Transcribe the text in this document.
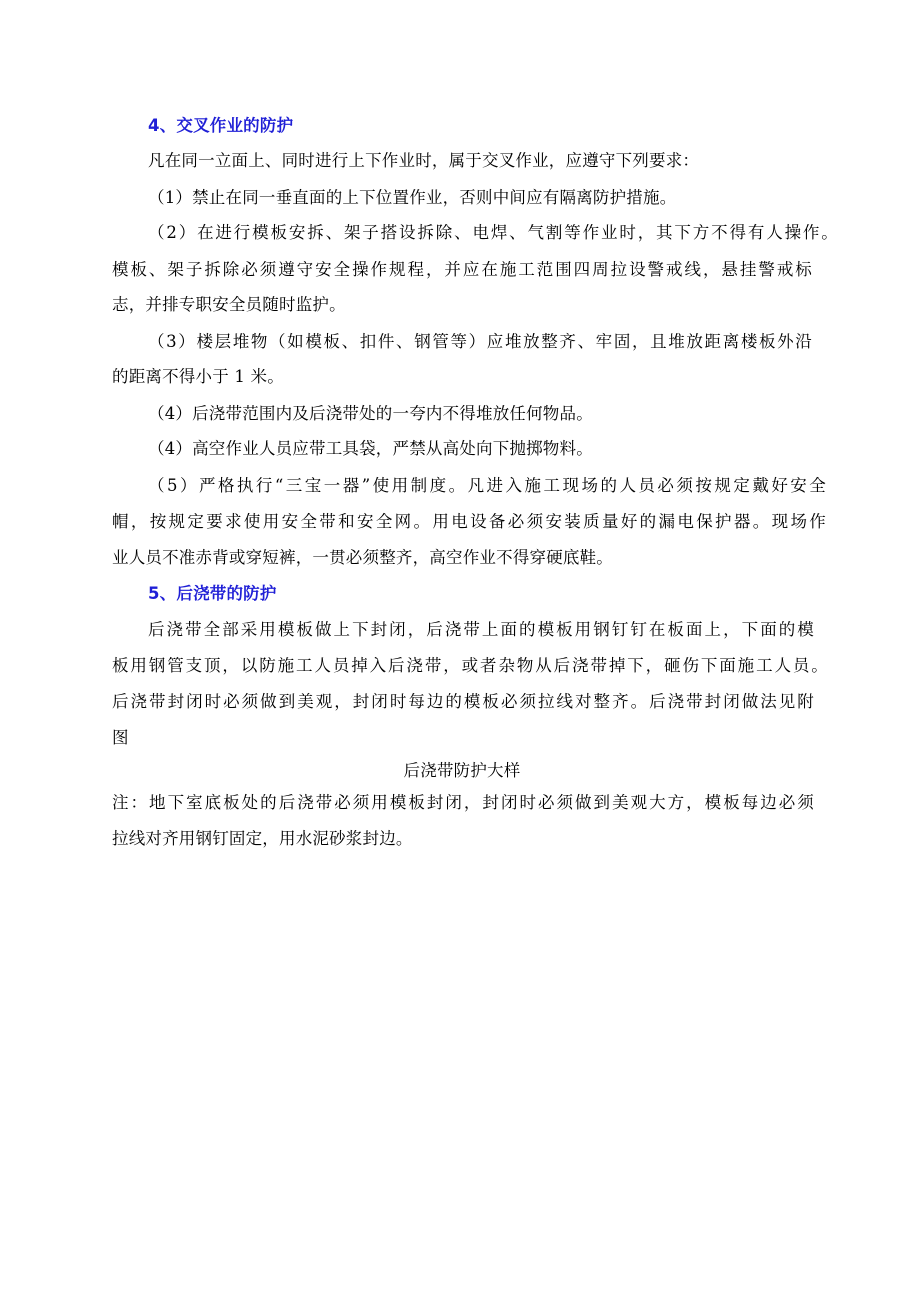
4、交叉作业的防护
凡在同一立面上、同时进行上下作业时，属于交叉作业，应遵守下列要求：
（1）禁止在同一垂直面的上下位置作业，否则中间应有隔离防护措施。
（2）在进行模板安拆、架子搭设拆除、电焊、气割等作业时，其下方不得有人操作。
模板、架子拆除必须遵守安全操作规程，并应在施工范围四周拉设警戒线，悬挂警戒标
志，并排专职安全员随时监护。
（3）楼层堆物（如模板、扣件、钢管等）应堆放整齐、牢固，且堆放距离楼板外沿
的距离不得小于 1 米。
（4）后浇带范围内及后浇带处的一夸内不得堆放任何物品。
（4）高空作业人员应带工具袋，严禁从高处向下抛掷物料。
（5）严格执行“三宝一器”使用制度。凡进入施工现场的人员必须按规定戴好安全
帽，按规定要求使用安全带和安全网。用电设备必须安装质量好的漏电保护器。现场作
业人员不准赤背或穿短裤，一贯必须整齐，高空作业不得穿硬底鞋。
5、后浇带的防护
后浇带全部采用模板做上下封闭，后浇带上面的模板用钢钉钉在板面上，下面的模
板用钢管支顶，以防施工人员掉入后浇带，或者杂物从后浇带掉下，砸伤下面施工人员。
后浇带封闭时必须做到美观，封闭时每边的模板必须拉线对整齐。后浇带封闭做法见附
图
后浇带防护大样
注：地下室底板处的后浇带必须用模板封闭，封闭时必须做到美观大方，模板每边必须
拉线对齐用钢钉固定，用水泥砂浆封边。
